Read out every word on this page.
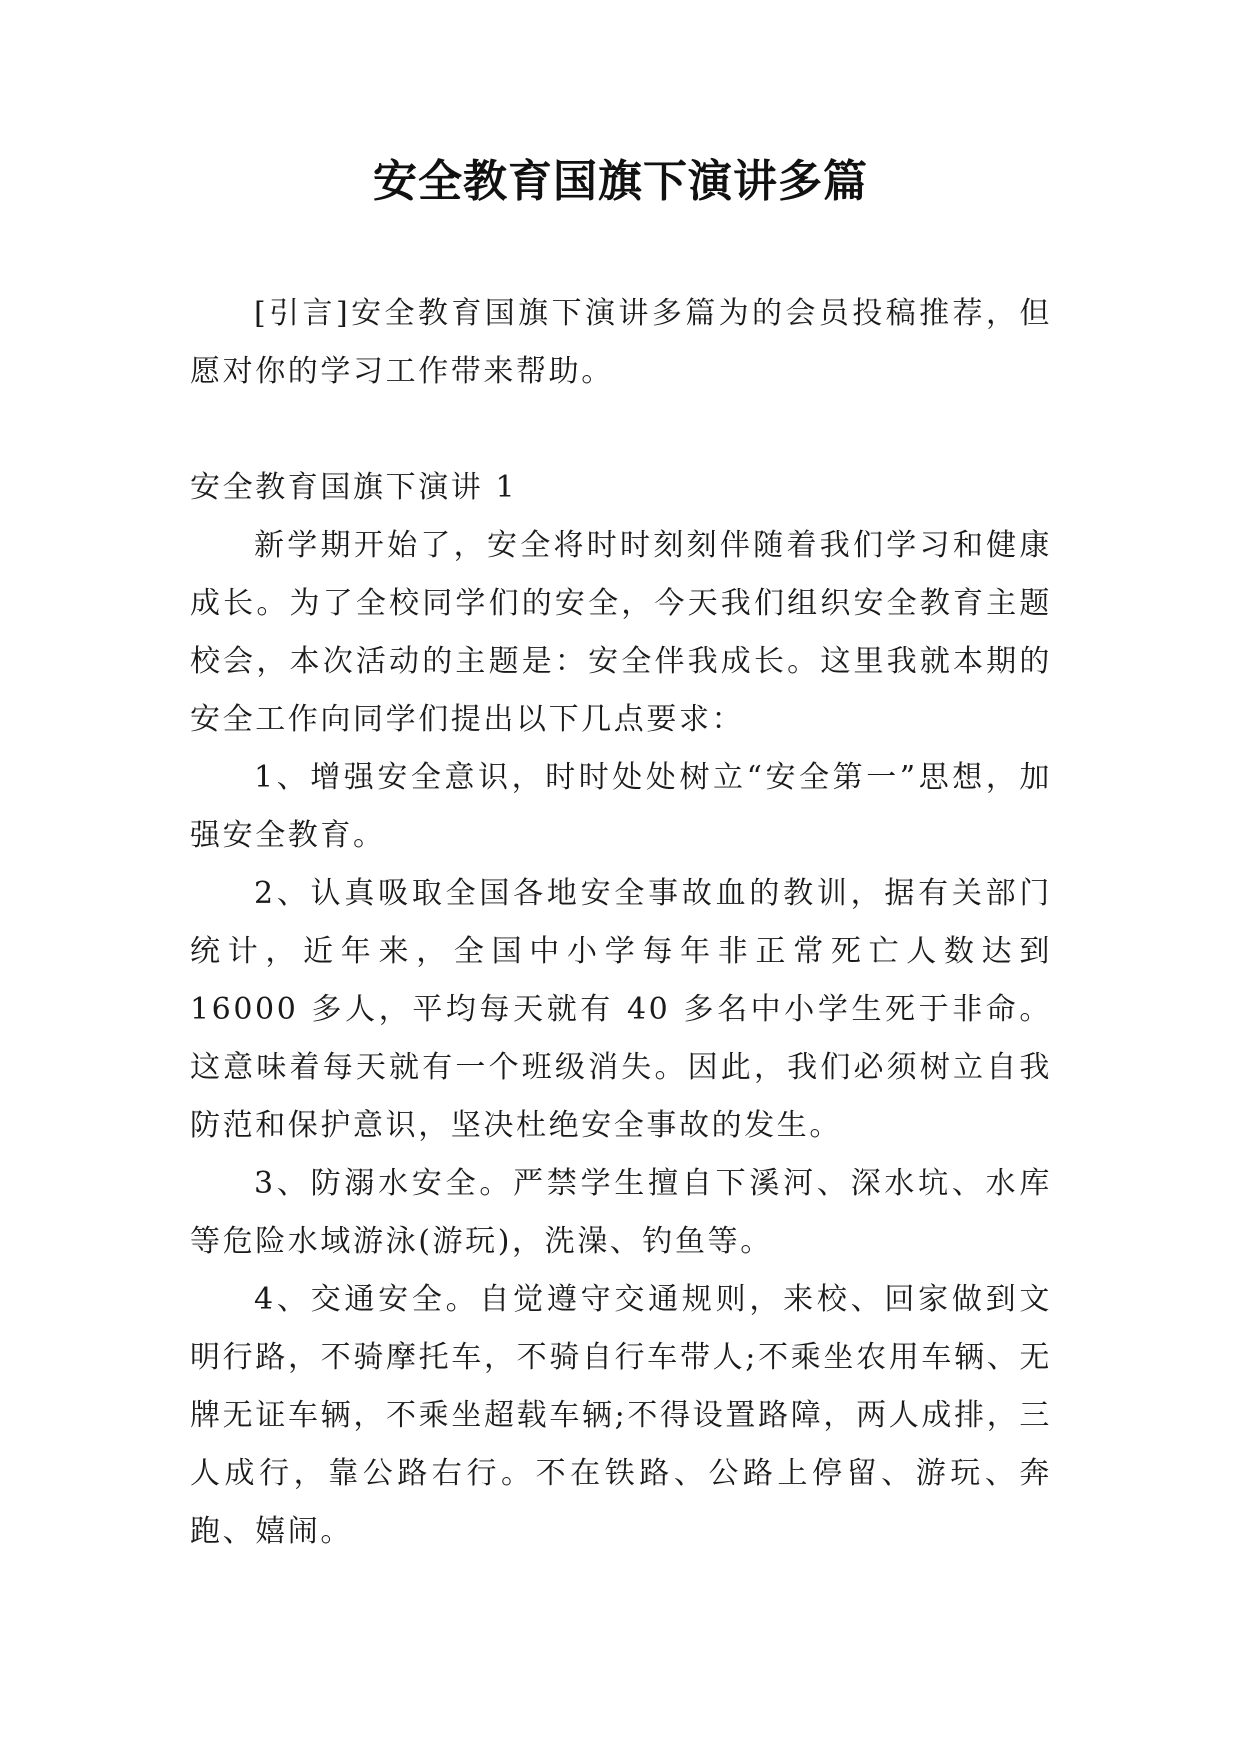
安全教育国旗下演讲多篇

[引言]安全教育国旗下演讲多篇为的会员投稿推荐，但愿对你的学习工作带来帮助。

安全教育国旗下演讲 1

新学期开始了，安全将时时刻刻伴随着我们学习和健康成长。为了全校同学们的安全，今天我们组织安全教育主题校会，本次活动的主题是：安全伴我成长。这里我就本期的安全工作向同学们提出以下几点要求：

1、增强安全意识，时时处处树立“安全第一”思想，加强安全教育。

2、认真吸取全国各地安全事故血的教训，据有关部门统计，近年来，全国中小学每年非正常死亡人数达到 16000 多人，平均每天就有 40 多名中小学生死于非命。这意味着每天就有一个班级消失。因此，我们必须树立自我防范和保护意识，坚决杜绝安全事故的发生。

3、防溺水安全。严禁学生擅自下溪河、深水坑、水库等危险水域游泳(游玩)，洗澡、钓鱼等。

4、交通安全。自觉遵守交通规则，来校、回家做到文明行路，不骑摩托车，不骑自行车带人;不乘坐农用车辆、无牌无证车辆，不乘坐超载车辆;不得设置路障，两人成排，三人成行，靠公路右行。不在铁路、公路上停留、游玩、奔跑、嬉闹。
